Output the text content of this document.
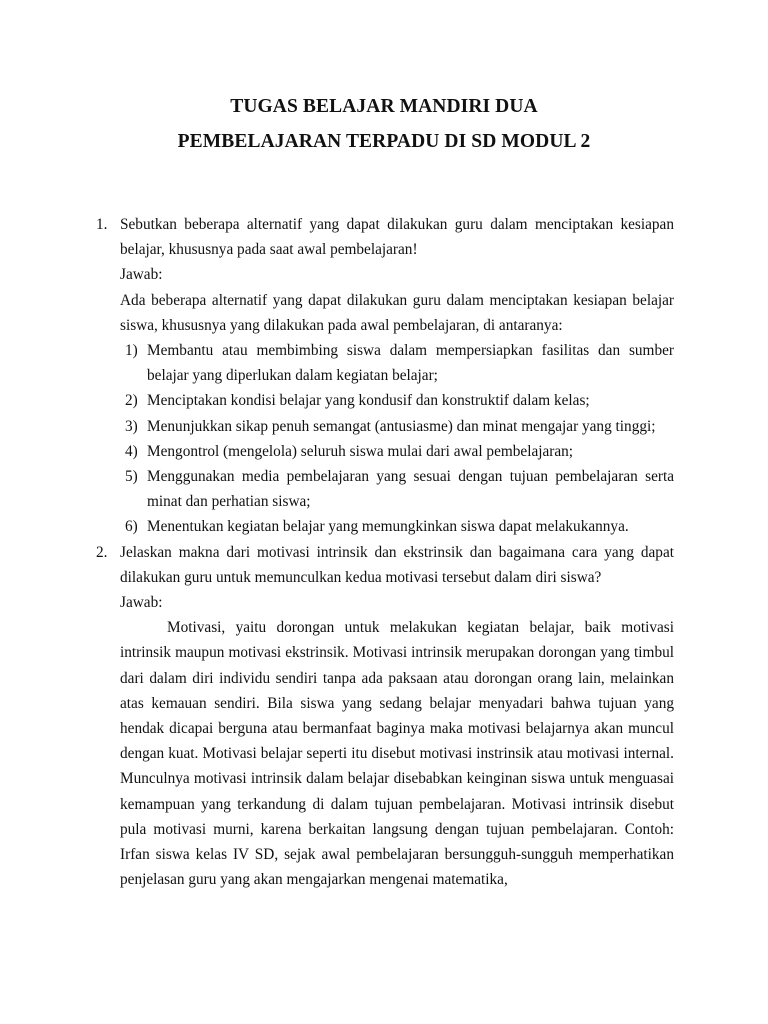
TUGAS BELAJAR MANDIRI DUA
PEMBELAJARAN TERPADU DI SD MODUL 2
1. Sebutkan beberapa alternatif yang dapat dilakukan guru dalam menciptakan kesiapan belajar, khususnya pada saat awal pembelajaran!

Jawab:

Ada beberapa alternatif yang dapat dilakukan guru dalam menciptakan kesiapan belajar siswa, khususnya yang dilakukan pada awal pembelajaran, di antaranya:

1) Membantu atau membimbing siswa dalam mempersiapkan fasilitas dan sumber belajar yang diperlukan dalam kegiatan belajar;
2) Menciptakan kondisi belajar yang kondusif dan konstruktif dalam kelas;
3) Menunjukkan sikap penuh semangat (antusiasme) dan minat mengajar yang tinggi;
4) Mengontrol (mengelola) seluruh siswa mulai dari awal pembelajaran;
5) Menggunakan media pembelajaran yang sesuai dengan tujuan pembelajaran serta minat dan perhatian siswa;
6) Menentukan kegiatan belajar yang memungkinkan siswa dapat melakukannya.
2. Jelaskan makna dari motivasi intrinsik dan ekstrinsik dan bagaimana cara yang dapat dilakukan guru untuk memunculkan kedua motivasi tersebut dalam diri siswa?

Jawab:

Motivasi, yaitu dorongan untuk melakukan kegiatan belajar, baik motivasi intrinsik maupun motivasi ekstrinsik. Motivasi intrinsik merupakan dorongan yang timbul dari dalam diri individu sendiri tanpa ada paksaan atau dorongan orang lain, melainkan atas kemauan sendiri. Bila siswa yang sedang belajar menyadari bahwa tujuan yang hendak dicapai berguna atau bermanfaat baginya maka motivasi belajarnya akan muncul dengan kuat. Motivasi belajar seperti itu disebut motivasi instrinsik atau motivasi internal. Munculnya motivasi intrinsik dalam belajar disebabkan keinginan siswa untuk menguasai kemampuan yang terkandung di dalam tujuan pembelajaran. Motivasi intrinsik disebut pula motivasi murni, karena berkaitan langsung dengan tujuan pembelajaran. Contoh: Irfan siswa kelas IV SD, sejak awal pembelajaran bersungguh-sungguh memperhatikan penjelasan guru yang akan mengajarkan mengenai matematika,
